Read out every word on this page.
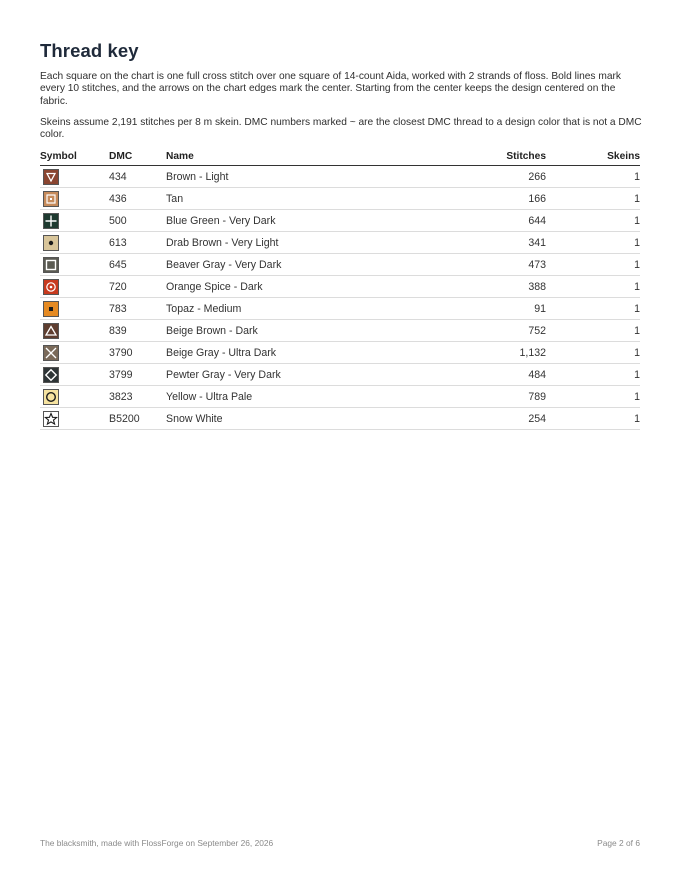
Thread key

Each square on the chart is one full cross stitch over one square of 14-count Aida, worked with 2 strands of floss. Bold lines mark every 10 stitches, and the arrows on the chart edges mark the center. Starting from the center keeps the design centered on the fabric.

Skeins assume 2,191 stitches per 8 m skein. DMC numbers marked ~ are the closest DMC thread to a design color that is not a DMC color.

Symbol	DMC	Name	Stitches	Skeins

	434	Brown - Light	266	1

	436	Tan	166	1

	500	Blue Green - Very Dark	644	1

	613	Drab Brown - Very Light	341	1

	645	Beaver Gray - Very Dark	473	1

	720	Orange Spice - Dark	388	1

	783	Topaz - Medium	91	1

	839	Beige Brown - Dark	752	1

	3790	Beige Gray - Ultra Dark	1,132	1

	3799	Pewter Gray - Very Dark	484	1

	3823	Yellow - Ultra Pale	789	1

	B5200	Snow White	254	1
The blacksmith, made with FlossForge on September 26, 2026	Page 2 of 6
